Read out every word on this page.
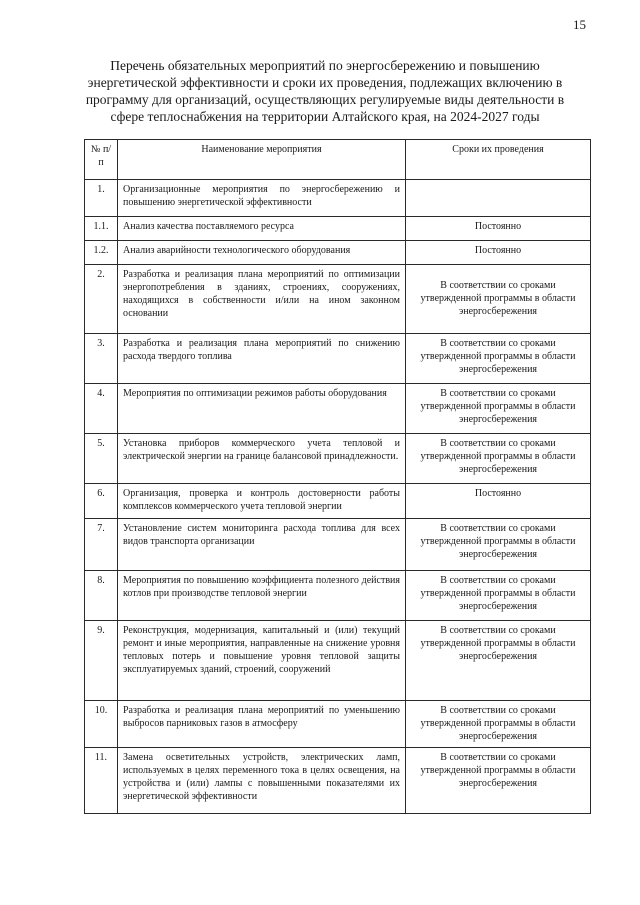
15
Перечень обязательных мероприятий по энергосбережению и повышению энергетической эффективности и сроки их проведения, подлежащих включению в программу для организаций, осуществляющих регулируемые виды деятельности в сфере теплоснабжения на территории Алтайского края, на 2024-2027 годы
№ п/п	Наименование мероприятия	Сроки их проведения
1.	Организационные мероприятия по энергосбережению и повышению энергетической эффективности	
1.1.	Анализ качества поставляемого ресурса	Постоянно
1.2.	Анализ аварийности технологического оборудования	Постоянно
2.	Разработка и реализация плана мероприятий по оптимизации энергопотребления в зданиях, строениях, сооружениях, находящихся в собственности и/или на ином законном основании	В соответствии со сроками утвержденной программы в области энергосбережения
3.	Разработка и реализация плана мероприятий по снижению расхода твердого топлива	В соответствии со сроками утвержденной программы в области энергосбережения
4.	Мероприятия по оптимизации режимов работы оборудования	В соответствии со сроками утвержденной программы в области энергосбережения
5.	Установка приборов коммерческого учета тепловой и электрической энергии на границе балансовой принадлежности.	В соответствии со сроками утвержденной программы в области энергосбережения
6.	Организация, проверка и контроль достоверности работы комплексов коммерческого учета тепловой энергии	Постоянно
7.	Установление систем мониторинга расхода топлива для всех видов транспорта организации	В соответствии со сроками утвержденной программы в области энергосбережения
8.	Мероприятия по повышению коэффициента полезного действия котлов при производстве тепловой энергии	В соответствии со сроками утвержденной программы в области энергосбережения
9.	Реконструкция, модернизация, капитальный и (или) текущий ремонт и иные мероприятия, направленные на снижение уровня тепловых потерь и повышение уровня тепловой защиты эксплуатируемых зданий, строений, сооружений	В соответствии со сроками утвержденной программы в области энергосбережения
10.	Разработка и реализация плана мероприятий по уменьшению выбросов парниковых газов в атмосферу	В соответствии со сроками утвержденной программы в области энергосбережения
11.	Замена осветительных устройств, электрических ламп, используемых в целях переменного тока в целях освещения, на устройства и (или) лампы с повышенными показателями их энергетической эффективности	В соответствии со сроками утвержденной программы в области энергосбережения
